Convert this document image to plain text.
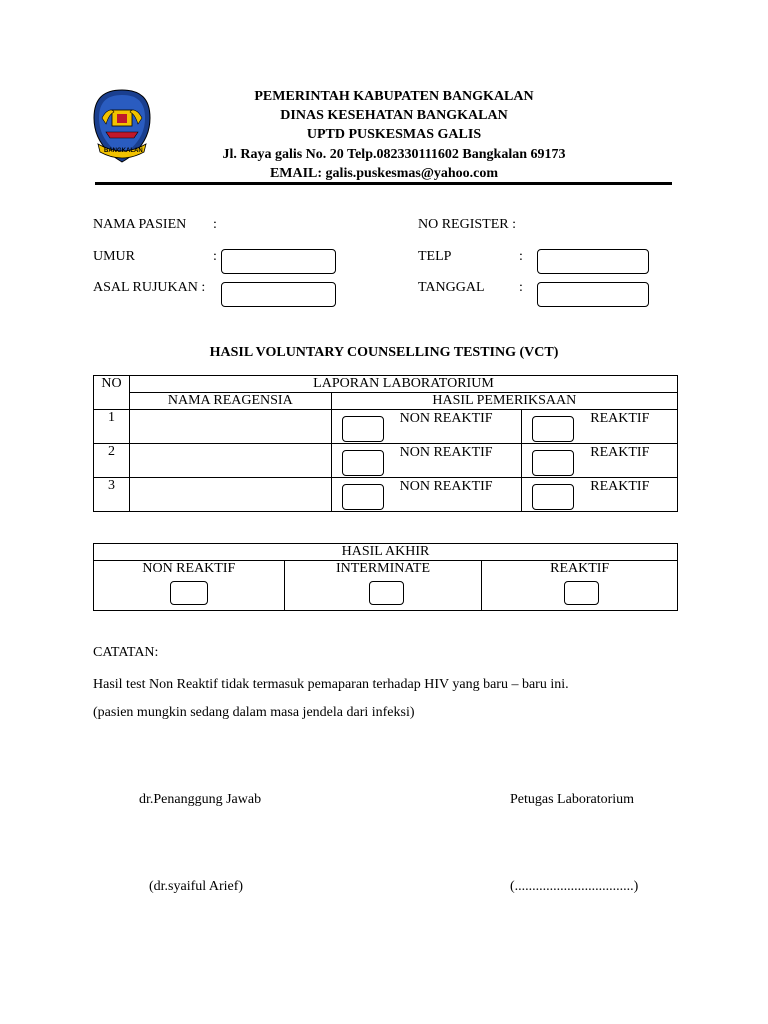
BANGKALAN
PEMERINTAH KABUPATEN BANGKALAN
DINAS KESEHATAN BANGKALAN
UPTD PUSKESMAS GALIS
Jl. Raya galis No. 20 Telp.082330111602 Bangkalan 69173
EMAIL: galis.puskesmas@yahoo.com
NAMA PASIEN :	NO REGISTER :
UMUR	:	TELP	:
ASAL RUJUKAN :	TANGGAL :
HASIL VOLUNTARY COUNSELLING TESTING (VCT)
NO	LAPORAN LABORATORIUM		
	NAMA REAGENSIA	HASIL PEMERIKSAAN	
1		NON REAKTIF	REAKTIF

2		NON REAKTIF	REAKTIF

3		NON REAKTIF	REAKTIF
HASIL AKHIR
NON REAKTIF	INTERMINATE	REAKTIF
CATATAN:
Hasil test Non Reaktif tidak termasuk pemaparan terhadap HIV yang baru – baru ini.
(pasien mungkin sedang dalam masa jendela dari infeksi)
dr.Penanggung Jawab	Petugas Laboratorium
(dr.syaiful Arief)	(..................................)
